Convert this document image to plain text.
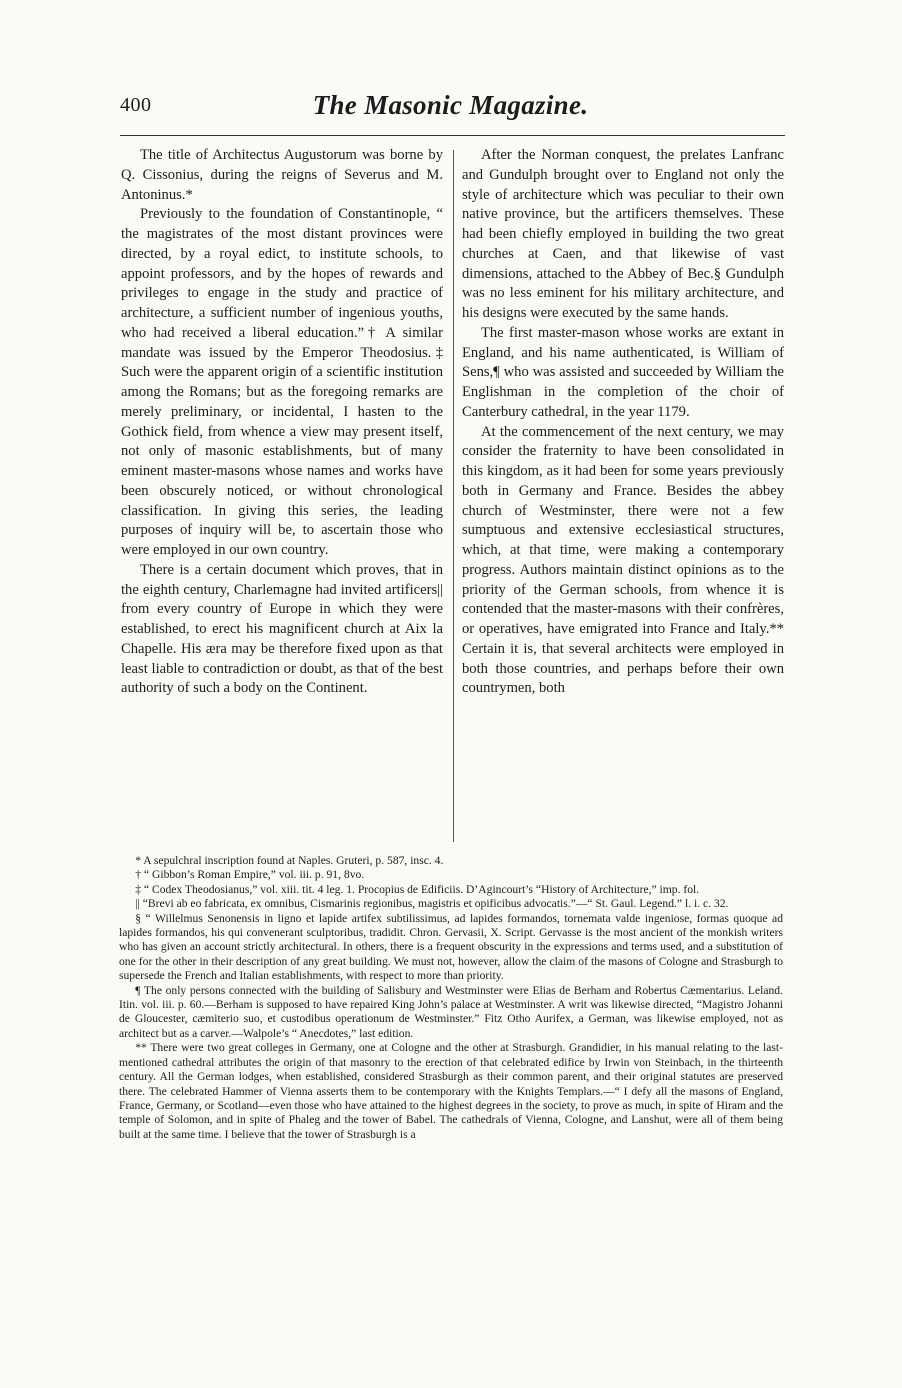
400	The Masonic Magazine.

The title of Architectus Augustorum was borne by Q. Cissonius, during the reigns of Severus and M. Antoninus.*

Previously to the foundation of Constantinople, “ the magistrates of the most distant provinces were directed, by a royal edict, to institute schools, to appoint professors, and by the hopes of rewards and privileges to engage in the study and practice of architecture, a sufficient number of ingenious youths, who had received a liberal education.”† A similar mandate was issued by the Emperor Theodosius.‡ Such were the apparent origin of a scientific institution among the Romans; but as the foregoing remarks are merely preliminary, or incidental, I hasten to the Gothick field, from whence a view may present itself, not only of masonic establishments, but of many eminent master-masons whose names and works have been obscurely noticed, or without chronological classification. In giving this series, the leading purposes of inquiry will be, to ascertain those who were employed in our own country.

There is a certain document which proves, that in the eighth century, Charlemagne had invited artificers|| from every country of Europe in which they were established, to erect his magnificent church at Aix la Chapelle. His æra may be therefore fixed upon as that least liable to contradiction or doubt, as that of the best authority of such a body on the Continent.

After the Norman conquest, the prelates Lanfranc and Gundulph brought over to England not only the style of architecture which was peculiar to their own native province, but the artificers themselves. These had been chiefly employed in building the two great churches at Caen, and that likewise of vast dimensions, attached to the Abbey of Bec.§ Gundulph was no less eminent for his military architecture, and his designs were executed by the same hands.

The first master-mason whose works are extant in England, and his name authenticated, is William of Sens,¶ who was assisted and succeeded by William the Englishman in the completion of the choir of Canterbury cathedral, in the year 1179.

At the commencement of the next century, we may consider the fraternity to have been consolidated in this kingdom, as it had been for some years previously both in Germany and France. Besides the abbey church of Westminster, there were not a few sumptuous and extensive ecclesiastical structures, which, at that time, were making a contemporary progress. Authors maintain distinct opinions as to the priority of the German schools, from whence it is contended that the master-masons with their confrères, or operatives, have emigrated into France and Italy.** Certain it is, that several architects were employed in both those countries, and perhaps before their own countrymen, both

* A sepulchral inscription found at Naples. Gruteri, p. 587, insc. 4.

† “ Gibbon’s Roman Empire,” vol. iii. p. 91, 8vo.

‡ “ Codex Theodosianus,” vol. xiii. tit. 4 leg. 1. Procopius de Edificiis. D’Agincourt’s “History of Architecture,” imp. fol.

|| “Brevi ab eo fabricata, ex omnibus, Cismarinis regionibus, magistris et opificibus advocatis.”—“ St. Gaul. Legend.” l. i. c. 32.

§ “ Willelmus Senonensis in ligno et lapide artifex subtilissimus, ad lapides formandos, tornemata valde ingeniose, formas quoque ad lapides formandos, his qui convenerant sculptoribus, tradidit. Chron. Gervasii, X. Script. Gervasse is the most ancient of the monkish writers who has given an account strictly architectural. In others, there is a frequent obscurity in the expressions and terms used, and a substitution of one for the other in their description of any great building. We must not, however, allow the claim of the masons of Cologne and Strasburgh to supersede the French and Italian establishments, with respect to more than priority.

¶ The only persons connected with the building of Salisbury and Westminster were Elias de Berham and Robertus Cæmentarius. Leland. Itin. vol. iii. p. 60.—Berham is supposed to have repaired King John’s palace at Westminster. A writ was likewise directed, “Magistro Johanni de Gloucester, cæmiterio suo, et custodibus operationum de Westminster.” Fitz Otho Aurifex, a German, was likewise employed, not as architect but as a carver.—Walpole’s “ Anecdotes,” last edition.

** There were two great colleges in Germany, one at Cologne and the other at Strasburgh. Grandidier, in his manual relating to the last-mentioned cathedral attributes the origin of that masonry to the erection of that celebrated edifice by Irwin von Steinbach, in the thirteenth century. All the German lodges, when established, considered Strasburgh as their common parent, and their original statutes are preserved there. The celebrated Hammer of Vienna asserts them to be contemporary with the Knights Templars.—“ I defy all the masons of England, France, Germany, or Scotland—even those who have attained to the highest degrees in the society, to prove as much, in spite of Hiram and the temple of Solomon, and in spite of Phaleg and the tower of Babel. The cathedrals of Vienna, Cologne, and Lanshut, were all of them being built at the same time. I believe that the tower of Strasburgh is a
